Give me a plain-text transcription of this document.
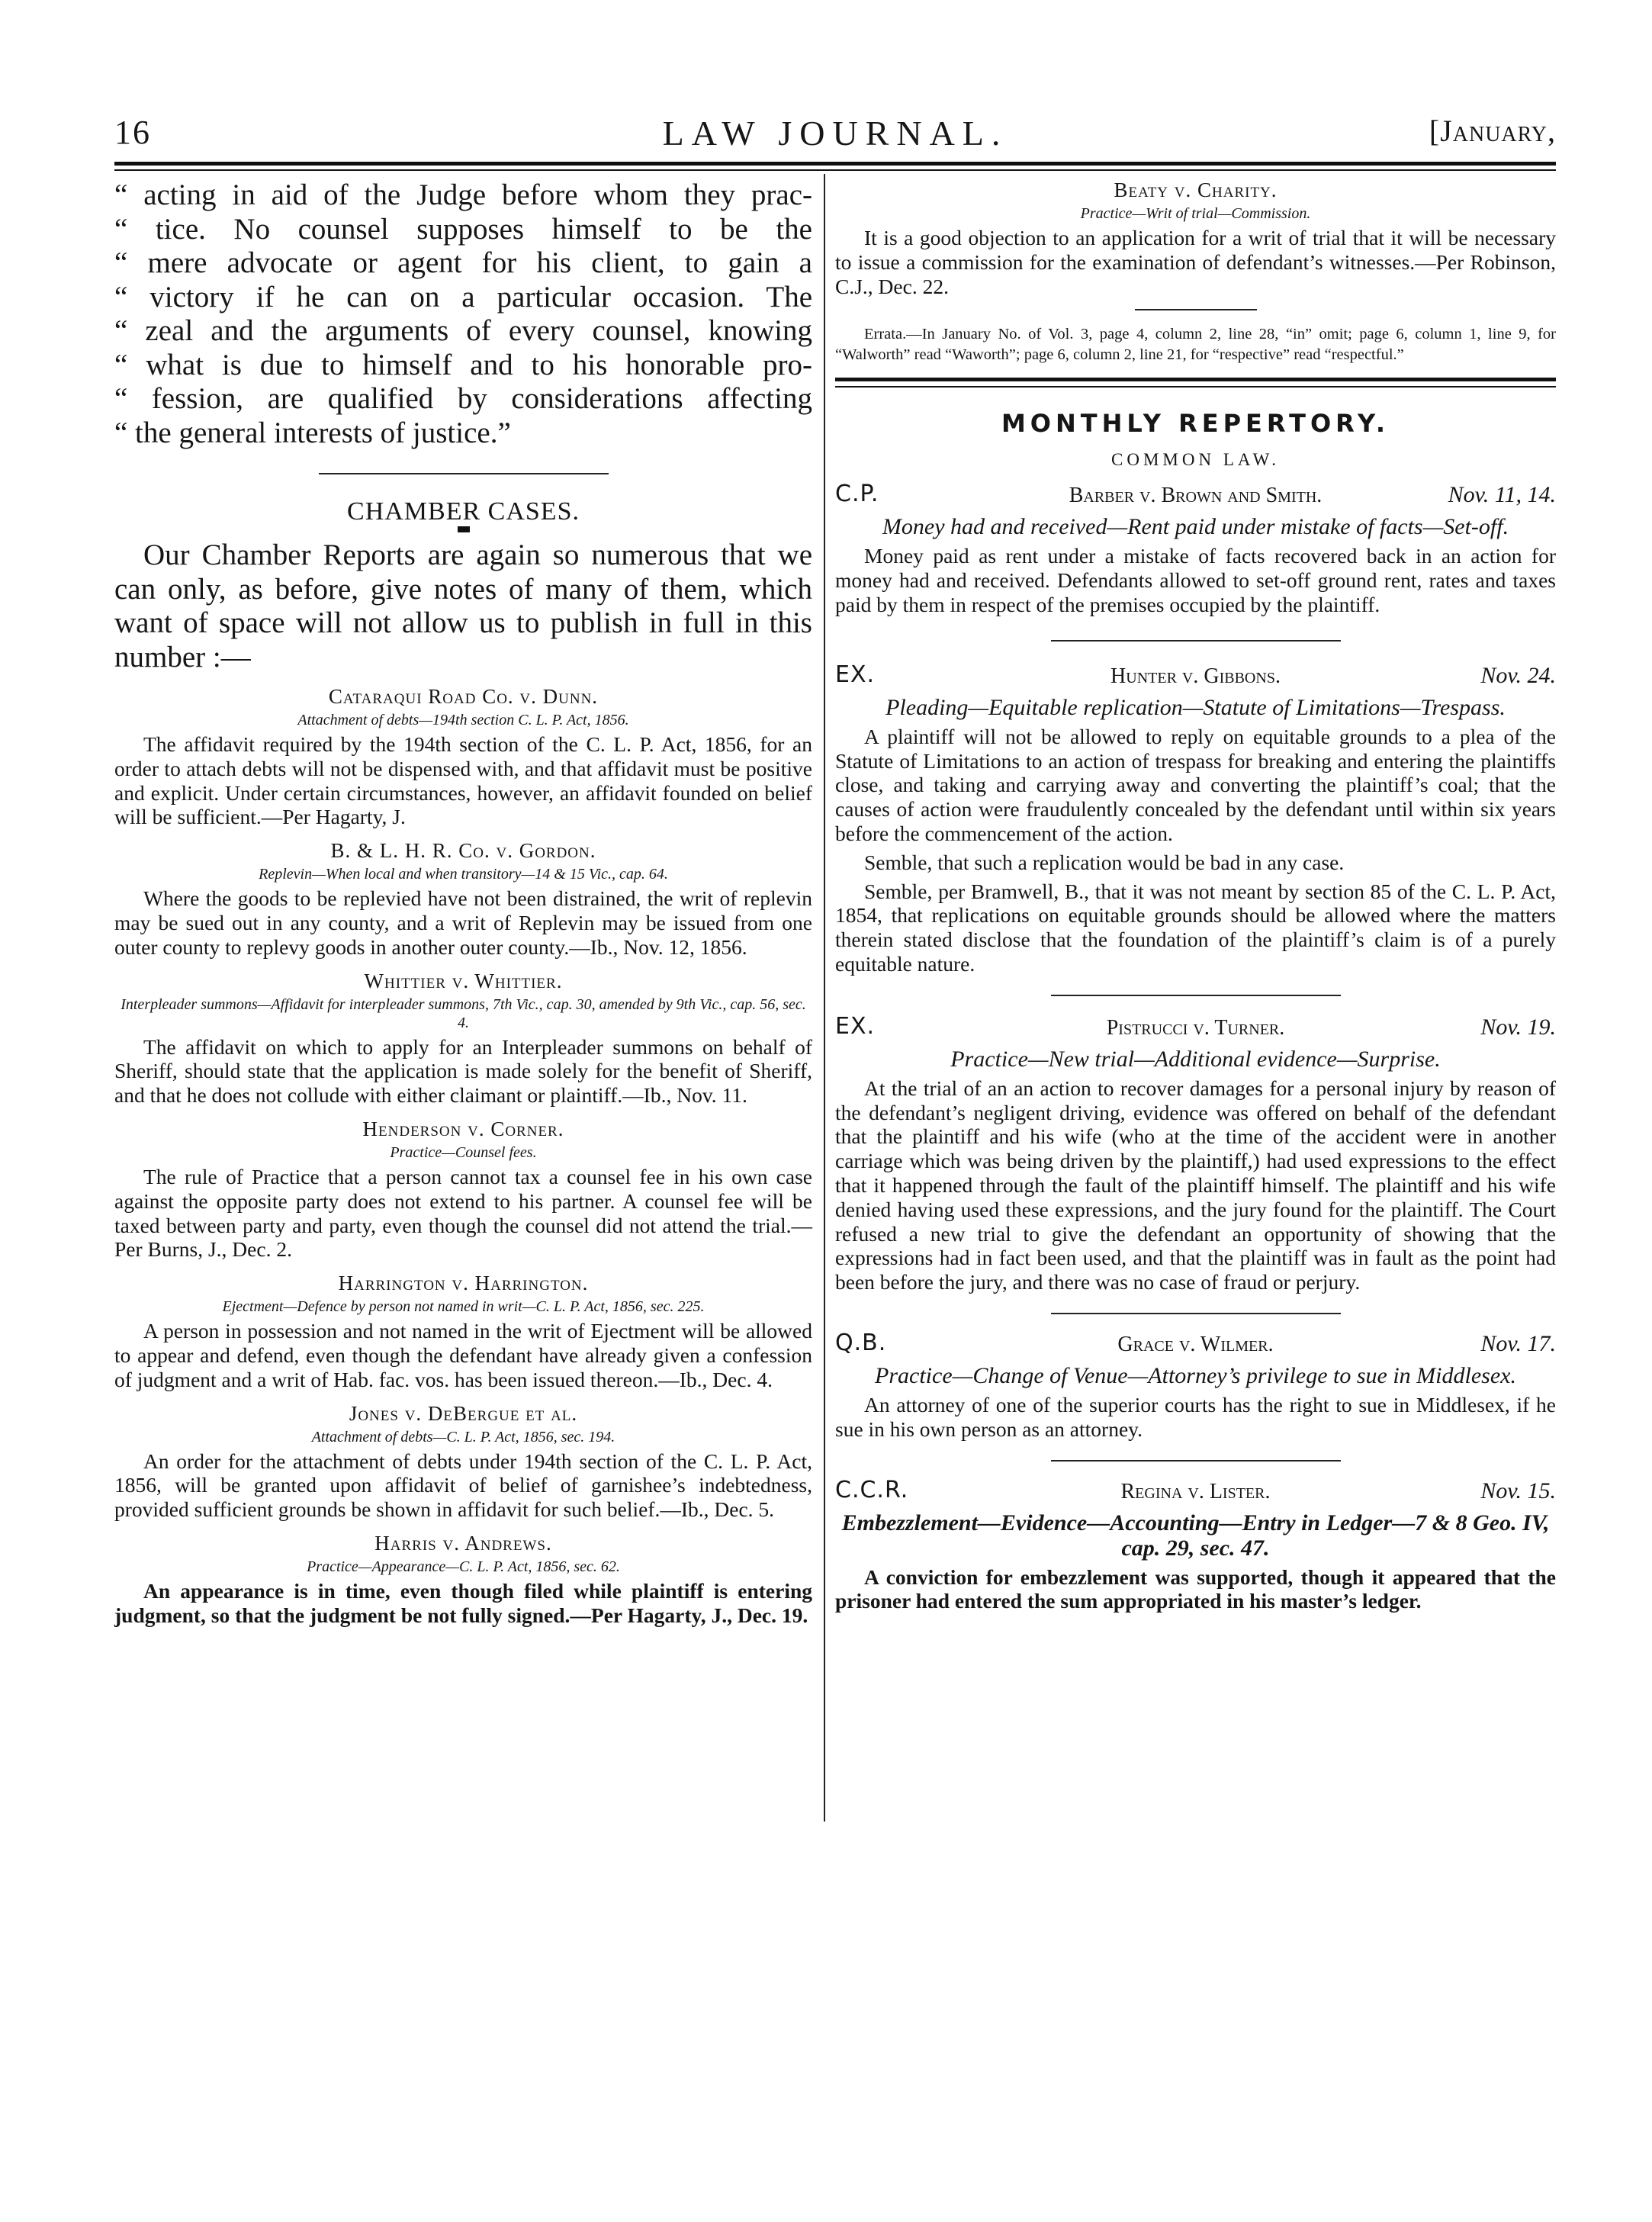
16	LAW JOURNAL.	[January,

“ acting in aid of the Judge before whom they prac-

“ tice. No counsel supposes himself to be the

“ mere advocate or agent for his client, to gain a

“ victory if he can on a particular occasion. The

“ zeal and the arguments of every counsel, knowing

“ what is due to himself and to his honorable pro-

“ fession, are qualified by considerations affecting

“ the general interests of justice.”

CHAMBER CASES.

Our Chamber Reports are again so numerous that we can only, as before, give notes of many of them, which want of space will not allow us to publish in full in this number :—

Cataraqui Road Co. v. Dunn.
Attachment of debts—194th section C. L. P. Act, 1856.

The affidavit required by the 194th section of the C. L. P. Act, 1856, for an order to attach debts will not be dispensed with, and that affidavit must be positive and explicit. Under certain circumstances, however, an affidavit founded on belief will be sufficient.—Per Hagarty, J.

B. & L. H. R. Co. v. Gordon.
Replevin—When local and when transitory—14 & 15 Vic., cap. 64.

Where the goods to be replevied have not been distrained, the writ of replevin may be sued out in any county, and a writ of Replevin may be issued from one outer county to replevy goods in another outer county.—Ib., Nov. 12, 1856.

Whittier v. Whittier.
Interpleader summons—Affidavit for interpleader summons, 7th Vic., cap. 30, amended by 9th Vic., cap. 56, sec. 4.

The affidavit on which to apply for an Interpleader summons on behalf of Sheriff, should state that the application is made solely for the benefit of Sheriff, and that he does not collude with either claimant or plaintiff.—Ib., Nov. 11.

Henderson v. Corner.
Practice—Counsel fees.

The rule of Practice that a person cannot tax a counsel fee in his own case against the opposite party does not extend to his partner. A counsel fee will be taxed between party and party, even though the counsel did not attend the trial.—Per Burns, J., Dec. 2.

Harrington v. Harrington.
Ejectment—Defence by person not named in writ—C. L. P. Act, 1856, sec. 225.

A person in possession and not named in the writ of Ejectment will be allowed to appear and defend, even though the defendant have already given a confession of judgment and a writ of Hab. fac. vos. has been issued thereon.—Ib., Dec. 4.

Jones v. DeBergue et al.
Attachment of debts—C. L. P. Act, 1856, sec. 194.

An order for the attachment of debts under 194th section of the C. L. P. Act, 1856, will be granted upon affidavit of belief of garnishee’s indebtedness, provided sufficient grounds be shown in affidavit for such belief.—Ib., Dec. 5.

Harris v. Andrews.
Practice—Appearance—C. L. P. Act, 1856, sec. 62.

An appearance is in time, even though filed while plaintiff is entering judgment, so that the judgment be not fully signed.—Per Hagarty, J., Dec. 19.

Beaty v. Charity.
Practice—Writ of trial—Commission.

It is a good objection to an application for a writ of trial that it will be necessary to issue a commission for the examination of defendant’s witnesses.—Per Robinson, C.J., Dec. 22.

Errata.—In January No. of Vol. 3, page 4, column 2, line 28, “in” omit; page 6, column 1, line 9, for “Walworth” read “Waworth”; page 6, column 2, line 21, for “respective” read “respectful.”

MONTHLY REPERTORY.
COMMON LAW.
C.P.	Barber v. Brown and Smith.	Nov. 11, 14.
Money had and received—Rent paid under mistake of facts—Set-off.

Money paid as rent under a mistake of facts recovered back in an action for money had and received. Defendants allowed to set-off ground rent, rates and taxes paid by them in respect of the premises occupied by the plaintiff.

EX.	Hunter v. Gibbons.	Nov. 24.
Pleading—Equitable replication—Statute of Limitations—Trespass.

A plaintiff will not be allowed to reply on equitable grounds to a plea of the Statute of Limitations to an action of trespass for breaking and entering the plaintiffs close, and taking and carrying away and converting the plaintiff’s coal; that the causes of action were fraudulently concealed by the defendant until within six years before the commencement of the action.

Semble, that such a replication would be bad in any case.

Semble, per Bramwell, B., that it was not meant by section 85 of the C. L. P. Act, 1854, that replications on equitable grounds should be allowed where the matters therein stated disclose that the foundation of the plaintiff’s claim is of a purely equitable nature.

EX.	Pistrucci v. Turner.	Nov. 19.
Practice—New trial—Additional evidence—Surprise.

At the trial of an an action to recover damages for a personal injury by reason of the defendant’s negligent driving, evidence was offered on behalf of the defendant that the plaintiff and his wife (who at the time of the accident were in another carriage which was being driven by the plaintiff,) had used expressions to the effect that it happened through the fault of the plaintiff himself. The plaintiff and his wife denied having used these expressions, and the jury found for the plaintiff. The Court refused a new trial to give the defendant an opportunity of showing that the expressions had in fact been used, and that the plaintiff was in fault as the point had been before the jury, and there was no case of fraud or perjury.

Q.B.	Grace v. Wilmer.	Nov. 17.
Practice—Change of Venue—Attorney’s privilege to sue in Middlesex.

An attorney of one of the superior courts has the right to sue in Middlesex, if he sue in his own person as an attorney.

C.C.R.	Regina v. Lister.	Nov. 15.
Embezzlement—Evidence—Accounting—Entry in Ledger—7 & 8 Geo. IV, cap. 29, sec. 47.

A conviction for embezzlement was supported, though it appeared that the prisoner had entered the sum appropriated in his master’s ledger.
